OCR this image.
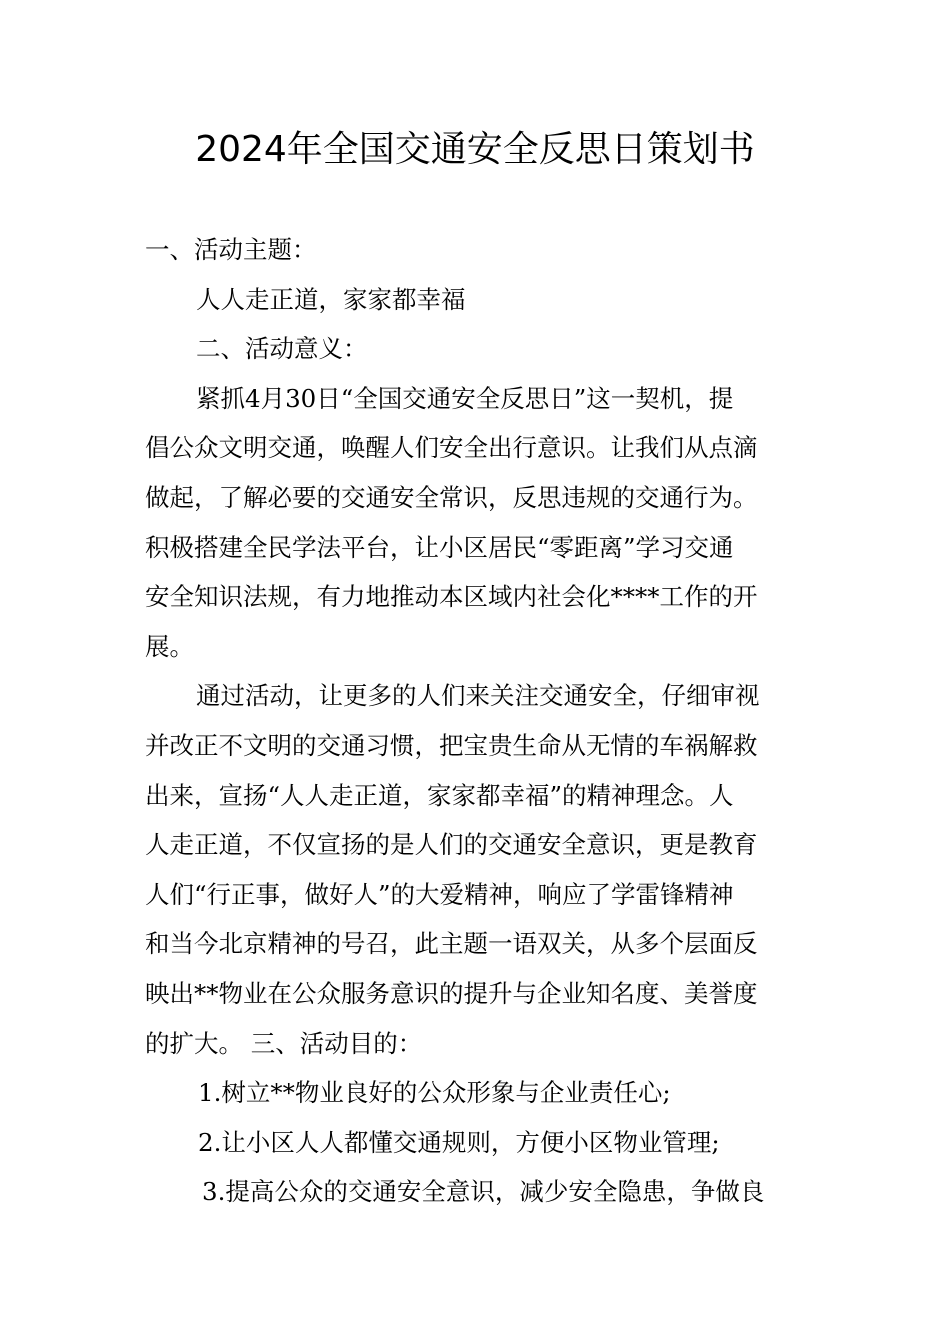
2024年全国交通安全反思日策划书
一、活动主题：
人人走正道，家家都幸福
二、活动意义：
紧抓4月30日“全国交通安全反思日”这一契机，提
倡公众文明交通，唤醒人们安全出行意识。让我们从点滴
做起，了解必要的交通安全常识，反思违规的交通行为。
积极搭建全民学法平台，让小区居民“零距离”学习交通
安全知识法规，有力地推动本区域内社会化****工作的开
展。
通过活动，让更多的人们来关注交通安全，仔细审视
并改正不文明的交通习惯，把宝贵生命从无情的车祸解救
出来，宣扬“人人走正道，家家都幸福”的精神理念。人
人走正道，不仅宣扬的是人们的交通安全意识，更是教育
人们“行正事，做好人”的大爱精神，响应了学雷锋精神
和当今北京精神的号召，此主题一语双关，从多个层面反
映出**物业在公众服务意识的提升与企业知名度、美誉度
的扩大。 三、活动目的：
1.树立**物业良好的公众形象与企业责任心;
2.让小区人人都懂交通规则，方便小区物业管理;
3.提高公众的交通安全意识，减少安全隐患，争做良
